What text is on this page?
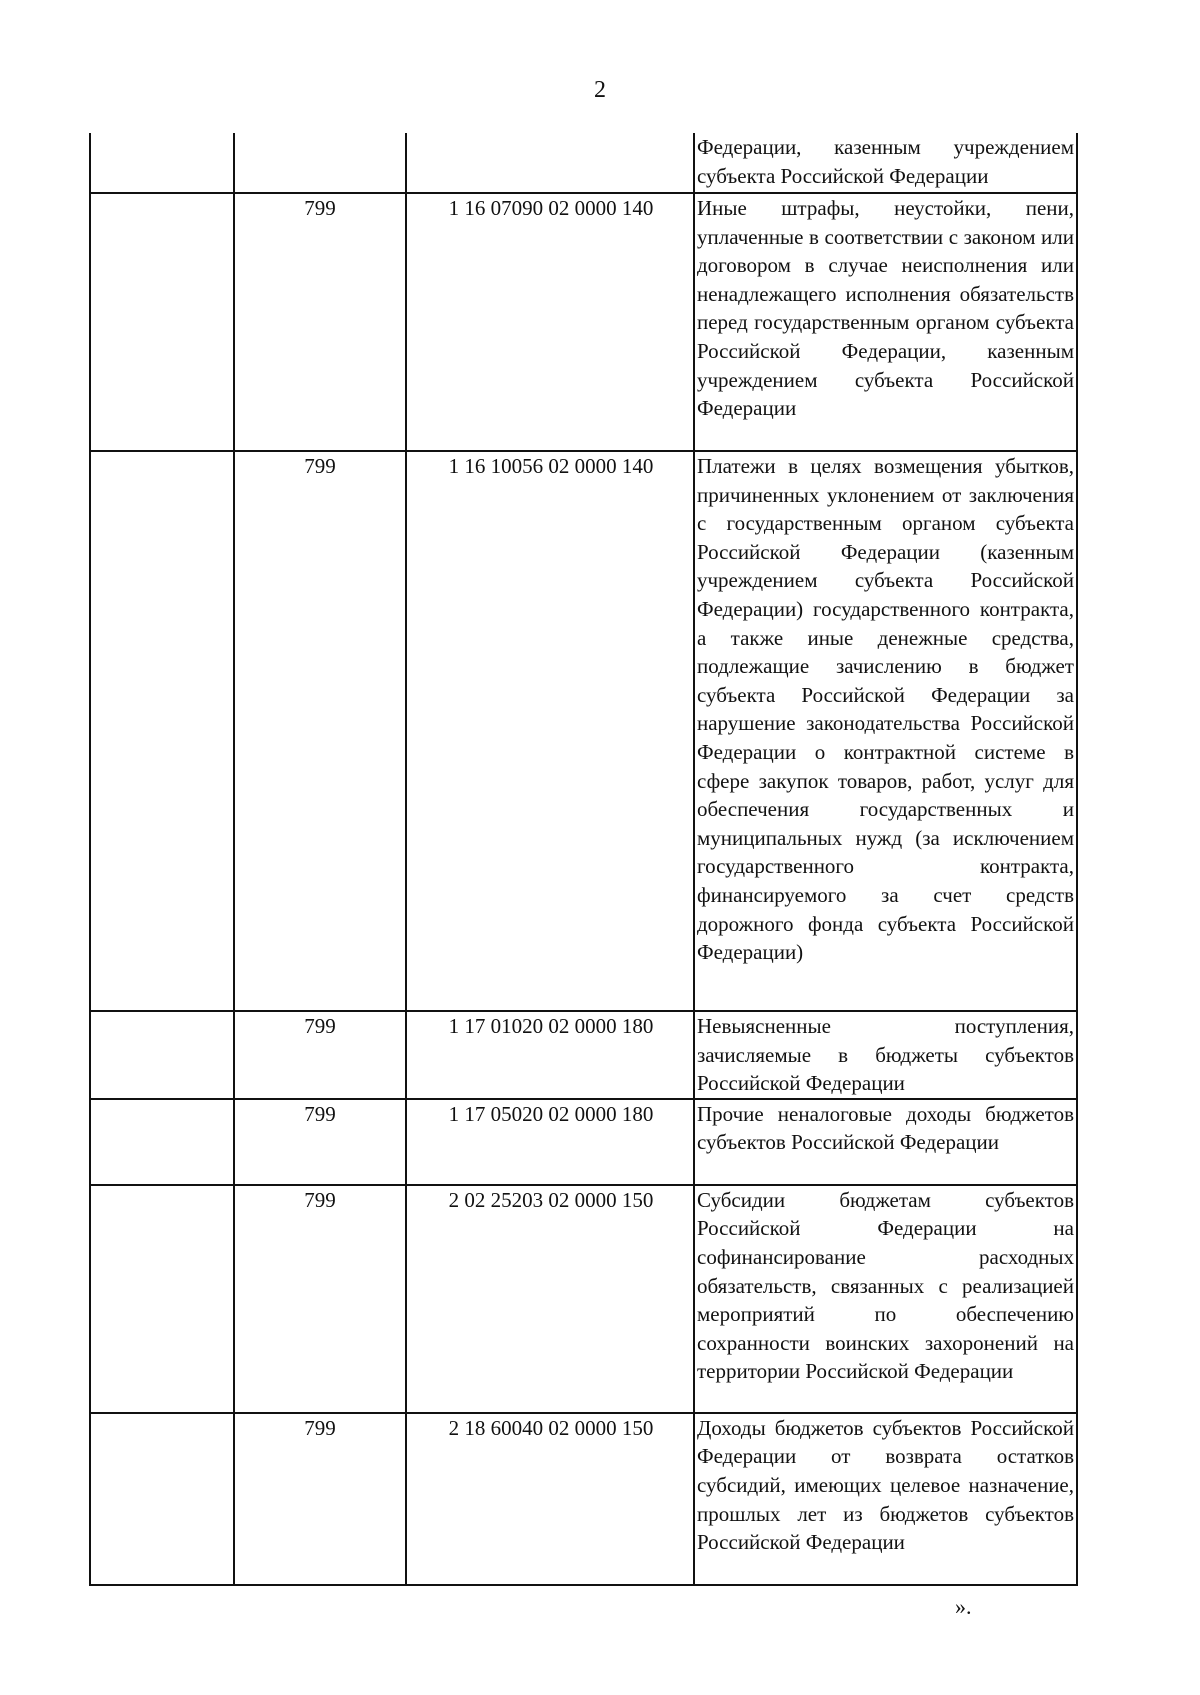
2
			Федерации, казенным учреждением субъекта Российской Федерации
	799	1 16 07090 02 0000 140	Иные штрафы, неустойки, пени, уплаченные в соответствии с законом или договором в случае неисполнения или ненадлежащего исполнения обязательств перед государственным органом субъекта Российской Федерации, казенным учреждением субъекта Российской Федерации
	799	1 16 10056 02 0000 140	Платежи в целях возмещения убытков, причиненных уклонением от заключения с государственным органом субъекта Российской Федерации (казенным учреждением субъекта Российской Федерации) государственного контракта, а также иные денежные средства, подлежащие зачислению в бюджет субъекта Российской Федерации за нарушение законодательства Российской Федерации о контрактной системе в сфере закупок товаров, работ, услуг для обеспечения государственных и муниципальных нужд (за исключением государственного контракта, финансируемого за счет средств дорожного фонда субъекта Российской Федерации)
	799	1 17 01020 02 0000 180	Невыясненные поступления, зачисляемые в бюджеты субъектов Российской Федерации
	799	1 17 05020 02 0000 180	Прочие неналоговые доходы бюджетов субъектов Российской Федерации
	799	2 02 25203 02 0000 150	Субсидии бюджетам субъектов Российской Федерации на софинансирование расходных обязательств, связанных с реализацией мероприятий по обеспечению сохранности воинских захоронений на территории Российской Федерации
	799	2 18 60040 02 0000 150	Доходы бюджетов субъектов Российской Федерации от возврата остатков субсидий, имеющих целевое назначение, прошлых лет из бюджетов субъектов Российской Федерации
».
